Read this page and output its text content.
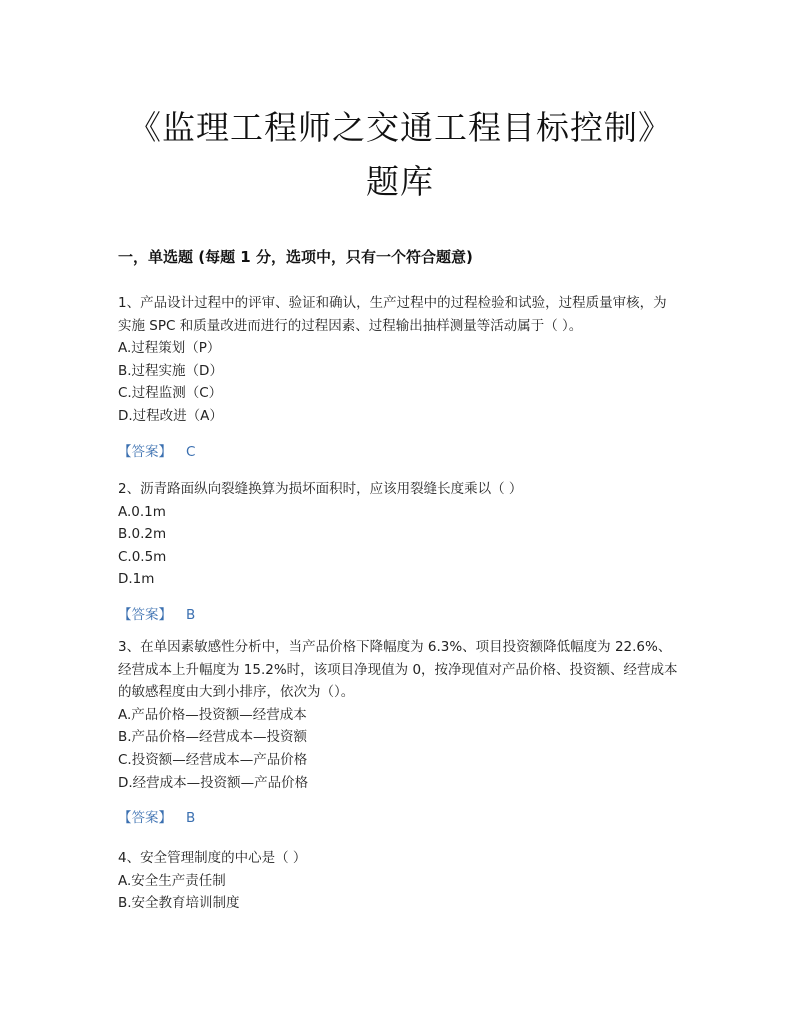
《监理工程师之交通工程目标控制》
题库
一，单选题 (每题 1 分，选项中，只有一个符合题意)
1、产品设计过程中的评审、验证和确认，生产过程中的过程检验和试验，过程质量审核，为实施 SPC 和质量改进而进行的过程因素、过程输出抽样测量等活动属于（ ）。
A.过程策划（P）
B.过程实施（D）
C.过程监测（C）
D.过程改进（A）
【答案】 C
2、沥青路面纵向裂缝换算为损坏面积时，应该用裂缝长度乘以（ ）
A.0.1m
B.0.2m
C.0.5m
D.1m
【答案】 B
3、在单因素敏感性分析中，当产品价格下降幅度为 6.3%、项目投资额降低幅度为 22.6%、经营成本上升幅度为 15.2%时，该项目净现值为 0，按净现值对产品价格、投资额、经营成本的敏感程度由大到小排序，依次为（）。
A.产品价格—投资额—经营成本
B.产品价格—经营成本—投资额
C.投资额—经营成本—产品价格
D.经营成本—投资额—产品价格
【答案】 B
4、安全管理制度的中心是（ ）
A.安全生产责任制
B.安全教育培训制度
